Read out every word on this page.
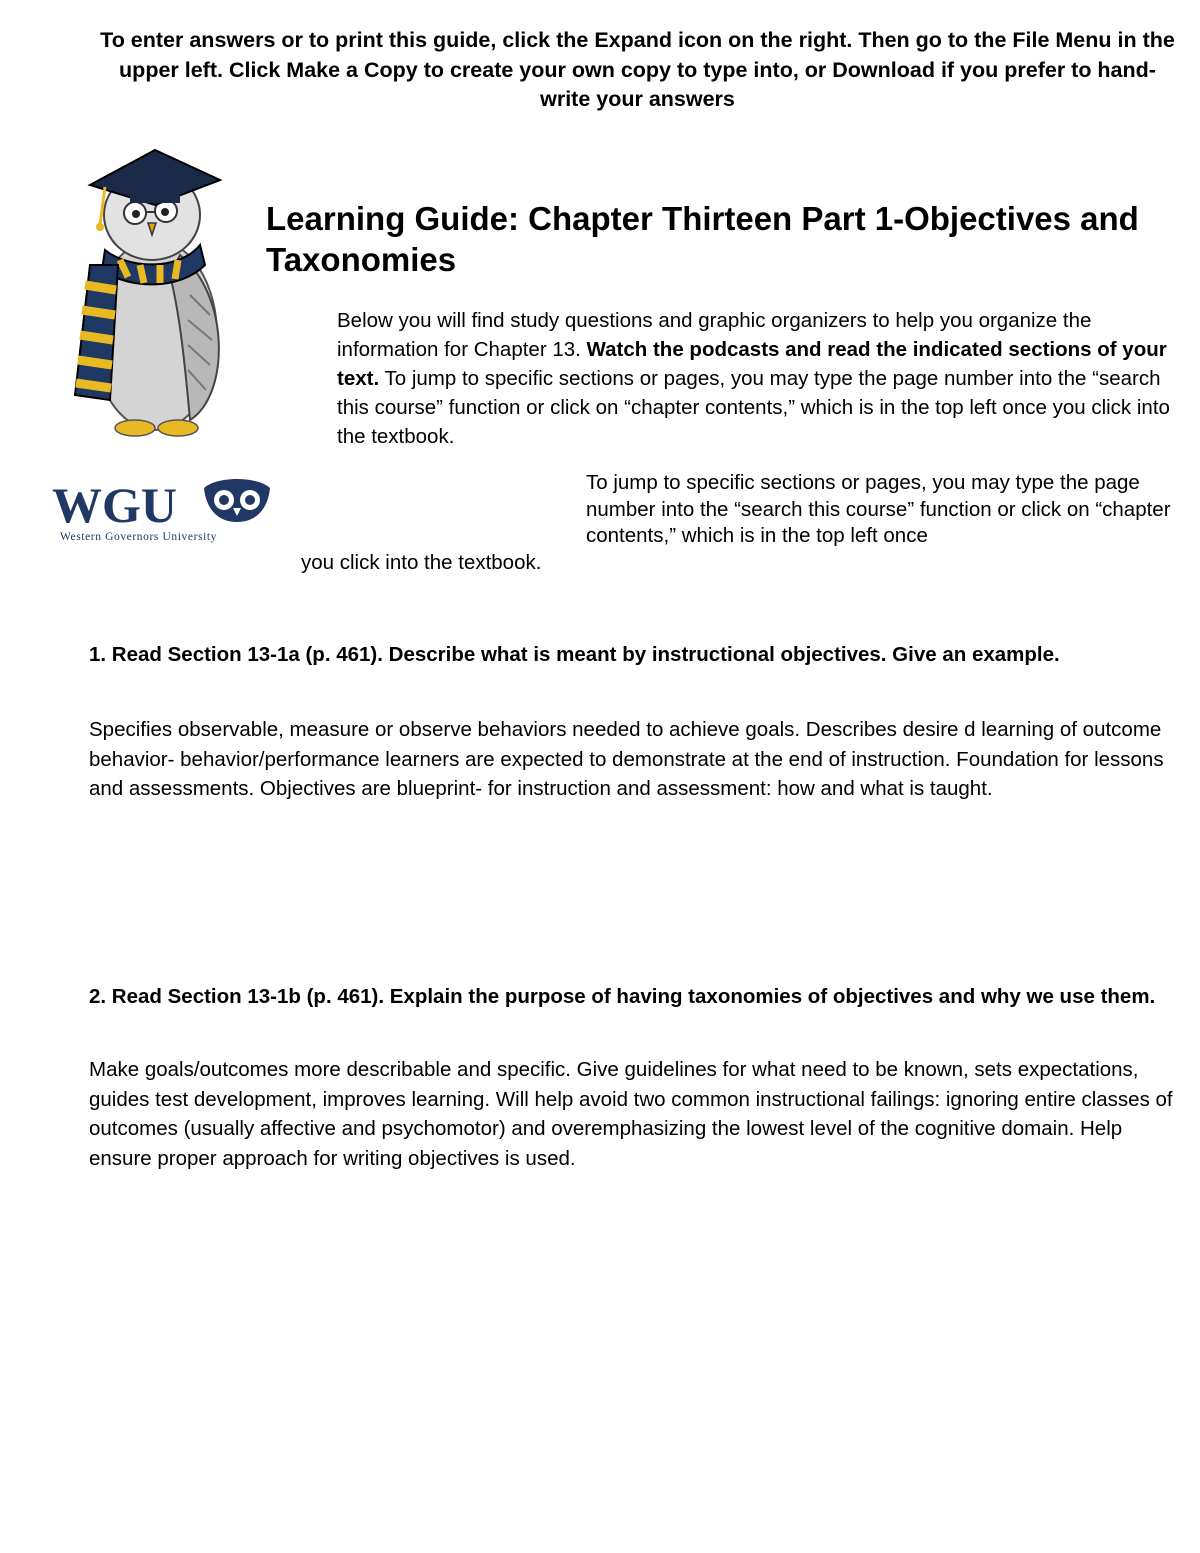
To enter answers or to print this guide, click the Expand icon on the right. Then go to the File Menu in the upper left. Click Make a Copy to create your own copy to type into, or Download if you prefer to hand-write your answers
WGU
Western Governors University
Learning Guide: Chapter Thirteen Part 1-Objectives and Taxonomies

Below you will find study questions and graphic organizers to help you organize the information for Chapter 13. Watch the podcasts and read the indicated sections of your text. To jump to specific sections or pages, you may type the page number into the “search this course” function or click on “chapter contents,” which is in the top left once you click into the textbook.

To jump to specific sections or pages, you may type the page number into the “search this course” function or click on “chapter contents,” which is in the top left once

you click into the textbook.

1. Read Section 13-1a (p. 461). Describe what is meant by instructional objectives. Give an example.

Specifies observable, measure or observe behaviors needed to achieve goals. Describes desire d learning of outcome behavior- behavior/performance learners are expected to demonstrate at the end of instruction. Foundation for lessons and assessments. Objectives are blueprint- for instruction and assessment: how and what is taught.

2. Read Section 13-1b (p. 461). Explain the purpose of having taxonomies of objectives and why we use them.

Make goals/outcomes more describable and specific. Give guidelines for what need to be known, sets expectations, guides test development, improves learning. Will help avoid two common instructional failings: ignoring entire classes of outcomes (usually affective and psychomotor) and overemphasizing the lowest level of the cognitive domain. Help ensure proper approach for writing objectives is used.
